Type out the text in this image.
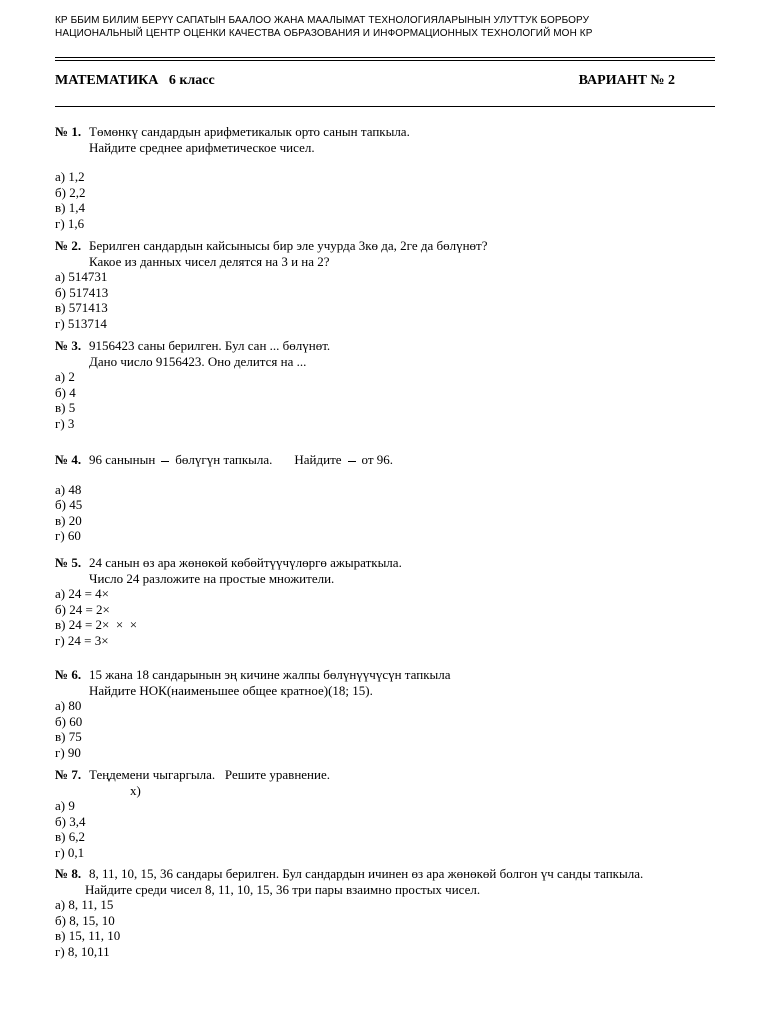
КР ББИМ БИЛИМ БЕРҮҮ САПАТЫН БААЛОО ЖАНА МААЛЫМАТ ТЕХНОЛОГИЯЛАРЫНЫН УЛУТТУК БОРБОРУ
НАЦИОНАЛЬНЫЙ ЦЕНТР ОЦЕНКИ КАЧЕСТВА ОБРАЗОВАНИЯ И ИНФОРМАЦИОННЫХ ТЕХНОЛОГИЙ МОН КР
МАТЕМАТИКА   6 класс	ВАРИАНТ № 2
№ 1. Төмөнкү сандардын арифметикалык орто санын тапкыла.
Найдите среднее арифметическое чисел.
а) 1,2
б) 2,2
в) 1,4
г) 1,6
№ 2. Берилген сандардын кайсынысы бир эле учурда 3кө да, 2ге да бөлүнөт?
Какое из данных чисел делятся на 3 и на 2?
а) 514731
б) 517413
в) 571413
г) 513714
№ 3. 9156423 саны берилген. Бул сан ... бөлүнөт.
Дано число 9156423. Оно делится на ...
а) 2
б) 4
в) 5
г) 3
№ 4. 96 санынын бөлүгүн тапкыла. Найдите от 96.
а) 48
б) 45
в) 20
г) 60
№ 5. 24 санын өз ара жөнөкөй көбөйтүүчүлөргө ажыраткыла.
Число 24 разложите на простые множители.
а) 24 = 4×
б) 24 = 2×
в) 24 = 2×  ×  ×
г) 24 = 3×
№ 6. 15 жана 18 сандарынын эң кичине жалпы бөлүнүүчүсүн тапкыла
Найдите НОК(наименьшее общее кратное)(18; 15).
а) 80
б) 60
в) 75
г) 90
№ 7. Теңдемени чыгаргыла.   Решите уравнение.
x)
а) 9
б) 3,4
в) 6,2
г) 0,1
№ 8. 8, 11, 10, 15, 36 сандары берилген. Бул сандардын ичинен өз ара жөнөкөй болгон үч санды тапкыла.
Найдите среди чисел 8, 11, 10, 15, 36 три пары взаимно простых чисел.
а) 8, 11, 15
б) 8, 15, 10
в) 15, 11, 10
г) 8, 10,11
